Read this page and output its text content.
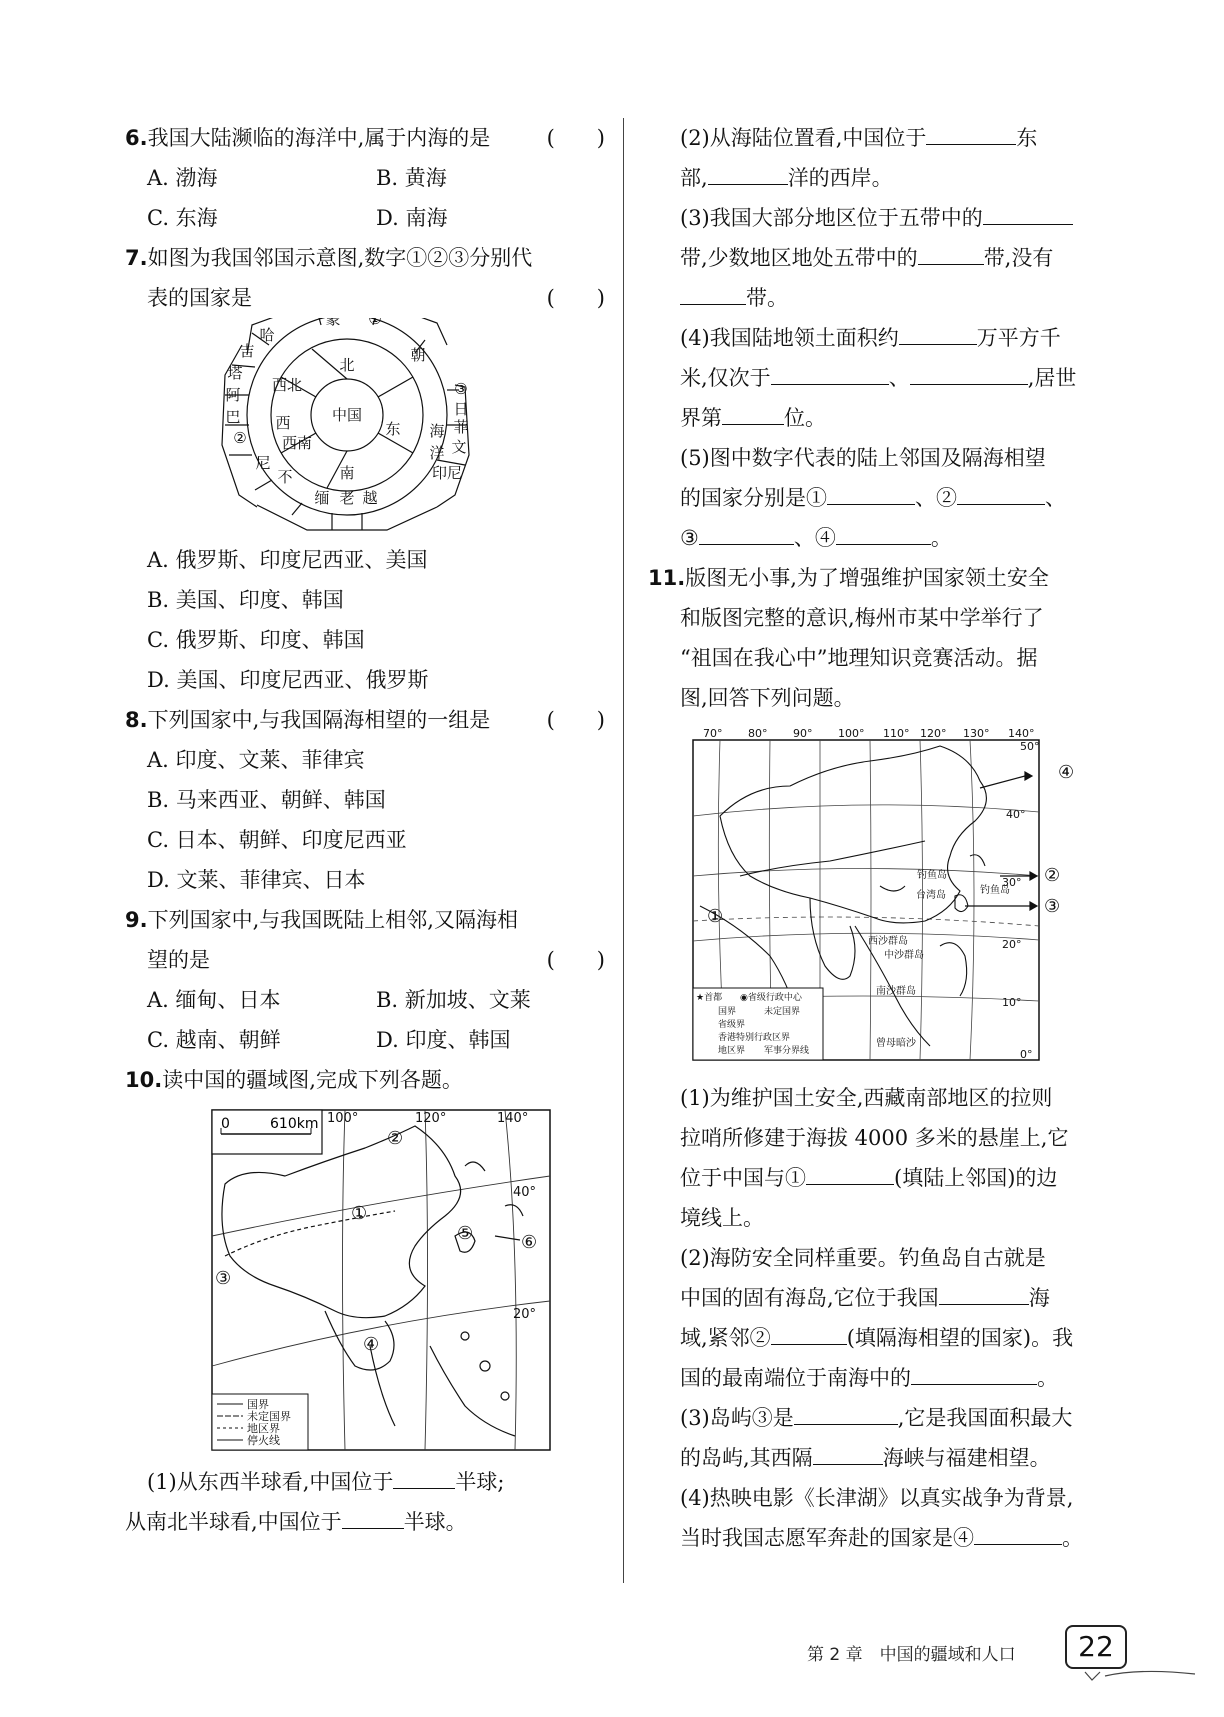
6.我国大陆濒临的海洋中,属于内海的是	(　　)
A. 渤海	B. 黄海
C. 东海	D. 南海
7.如图为我国邻国示意图,数字①②③分别代
表的国家是	(　　)
中国
北
东
南
西
西北
西南
蒙 ①
朝
③
日
菲
文
印尼
越
老
缅
不
尼
②
巴
阿
塔
吉
哈
海
洋
A. 俄罗斯、印度尼西亚、美国
B. 美国、印度、韩国
C. 俄罗斯、印度、韩国
D. 美国、印度尼西亚、俄罗斯
8.下列国家中,与我国隔海相望的一组是	(　　)
A. 印度、文莱、菲律宾
B. 马来西亚、朝鲜、韩国
C. 日本、朝鲜、印度尼西亚
D. 文莱、菲律宾、日本
9.下列国家中,与我国既陆上相邻,又隔海相
望的是	(　　)
A. 缅甸、日本	B. 新加坡、文莱
C. 越南、朝鲜	D. 印度、韩国
10.读中国的疆域图,完成下列各题。
0	610km 100°	120°	140°
40°
20°
①
②
③
④
⑤	⑥
国界
未定国界
地区界
停火线
(1)从东西半球看,中国位于	半球;
从南北半球看,中国位于	半球。
(2)从海陆位置看,中国位于	东
部,	洋的西岸。
(3)我国大部分地区位于五带中的
带,少数地区地处五带中的	带,没有
带。
(4)我国陆地领土面积约	万平方千
米,仅次于	、	,居世
界第	位。
(5)图中数字代表的陆上邻国及隔海相望
的国家分别是①	、②	、
③	、④	。
11.版图无小事,为了增强维护国家领土安全
和版图完整的意识,梅州市某中学举行了
“祖国在我心中”地理知识竞赛活动。据
图,回答下列问题。
70° 80° 90° 100° 110° 120° 130° 140°
50°
40°
30°
20°
10°
0°
钓鱼岛
台湾岛
西沙群岛
中沙群岛
南沙群岛
曾母暗沙
钓鱼岛
①
②
③
④
★首都 ◉省级行政中心
国界	未定国界
省级界
香港特别行政区界
地区界 军事分界线
(1)为维护国土安全,西藏南部地区的拉则
拉哨所修建于海拔 4000 多米的悬崖上,它
位于中国与①	(填陆上邻国)的边
境线上。
(2)海防安全同样重要。钓鱼岛自古就是
中国的固有海岛,它位于我国	海
域,紧邻②	(填隔海相望的国家)。我
国的最南端位于南海中的	。
(3)岛屿③是	,它是我国面积最大
的岛屿,其西隔	海峡与福建相望。
(4)热映电影《长津湖》以真实战争为背景,
当时我国志愿军奔赴的国家是④	。
第 2 章　中国的疆域和人口	22
